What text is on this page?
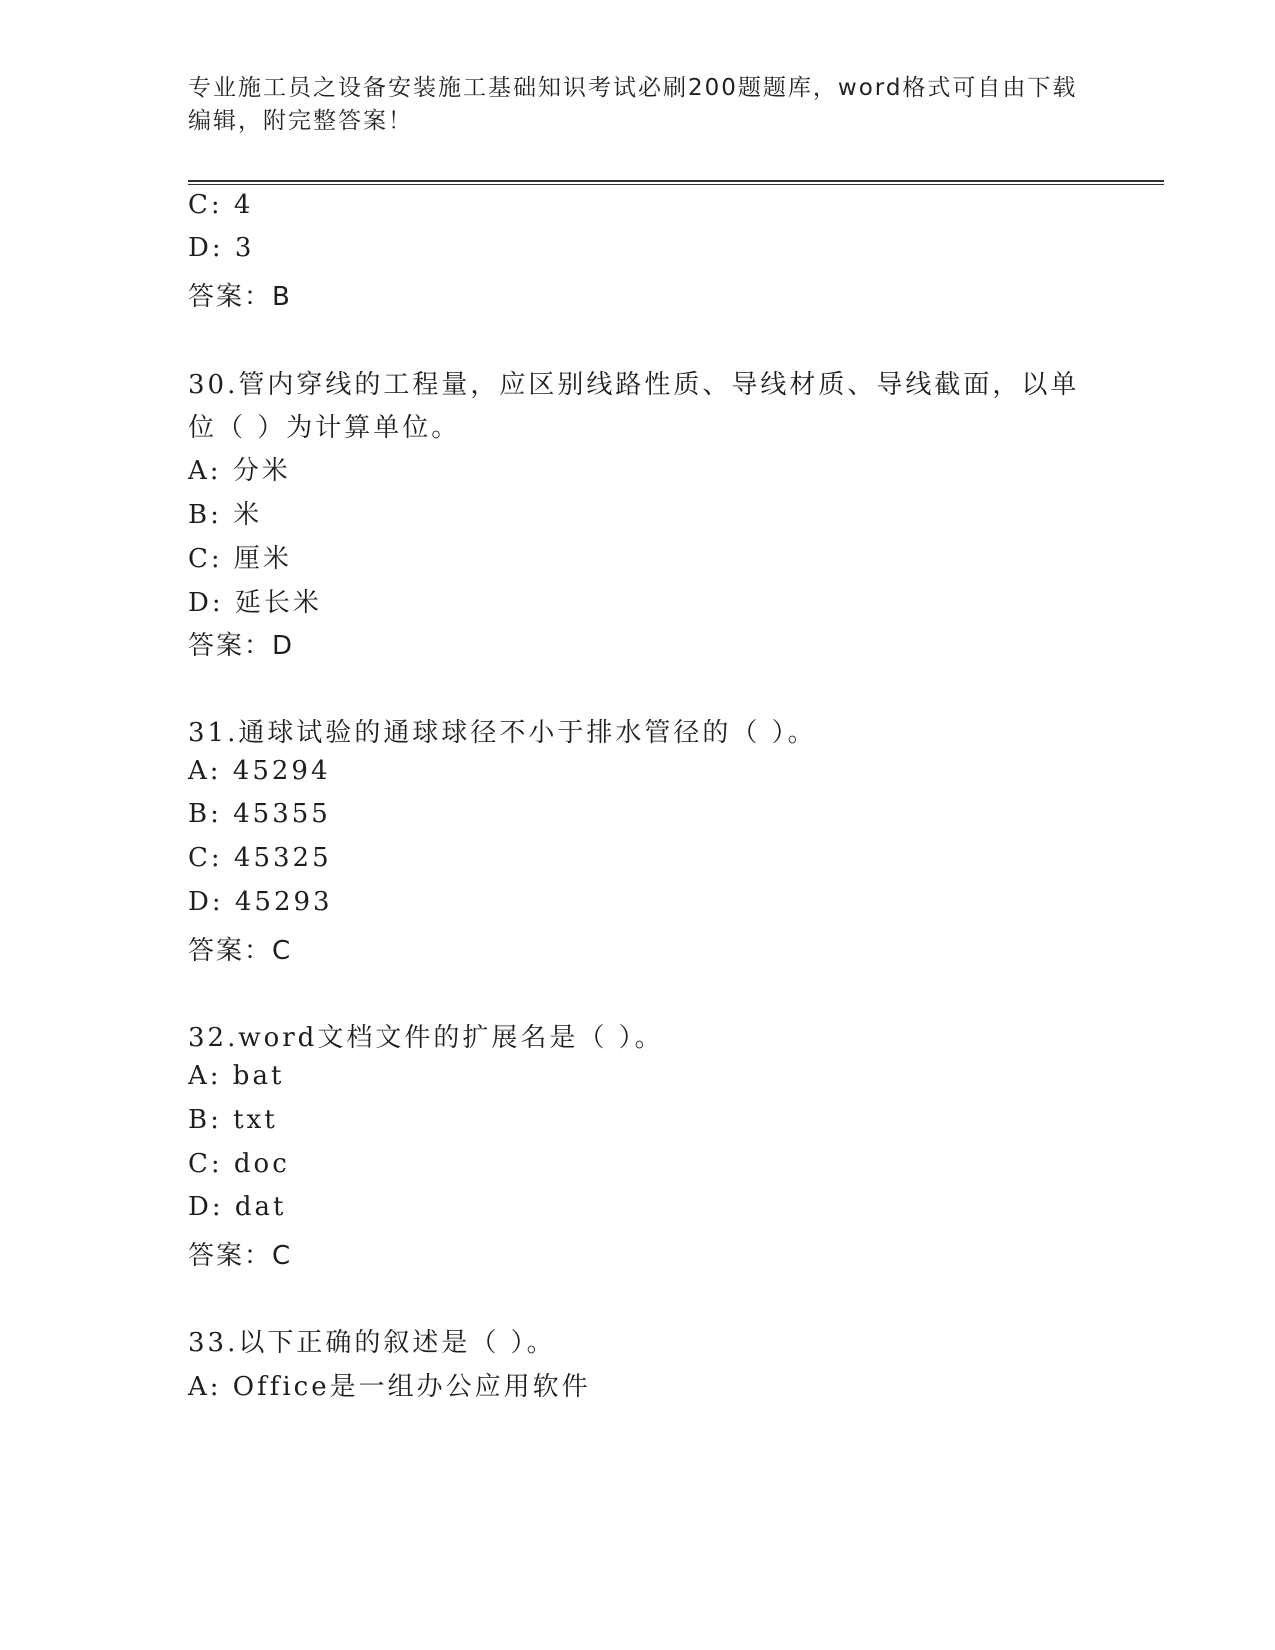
专业施工员之设备安装施工基础知识考试必刷200题题库，word格式可自由下载
编辑，附完整答案！
C: 4
D: 3
答案：B
30.管内穿线的工程量，应区别线路性质、导线材质、导线截面，以单
位（ ）为计算单位。
A: 分米
B: 米
C: 厘米
D: 延长米
答案：D
31.通球试验的通球球径不小于排水管径的（ ）。
A: 45294
B: 45355
C: 45325
D: 45293
答案：C
32.word文档文件的扩展名是（ ）。
A: bat
B: txt
C: doc
D: dat
答案：C
33.以下正确的叙述是（ ）。
A: Office是一组办公应用软件
